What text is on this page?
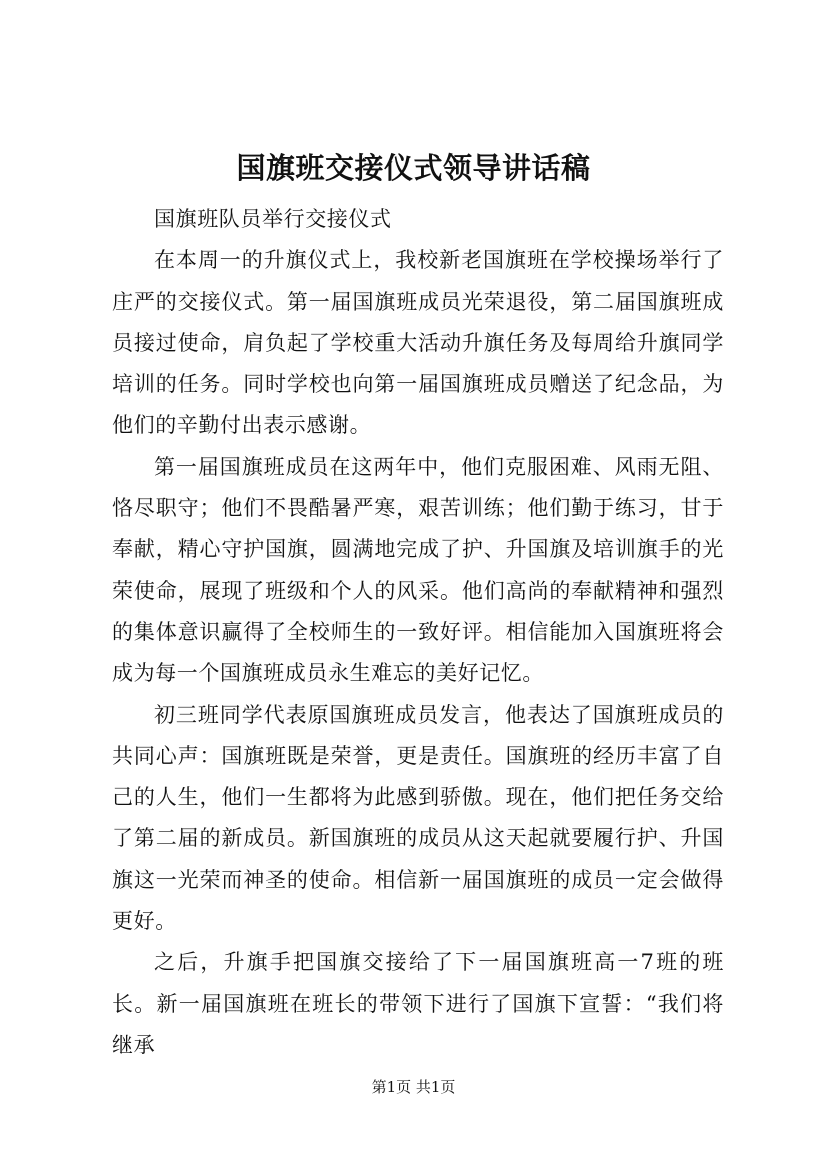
国旗班交接仪式领导讲话稿

国旗班队员举行交接仪式

在本周一的升旗仪式上，我校新老国旗班在学校操场举行了庄严的交接仪式。第一届国旗班成员光荣退役，第二届国旗班成员接过使命，肩负起了学校重大活动升旗任务及每周给升旗同学培训的任务。同时学校也向第一届国旗班成员赠送了纪念品，为他们的辛勤付出表示感谢。

第一届国旗班成员在这两年中，他们克服困难、风雨无阻、恪尽职守；他们不畏酷暑严寒，艰苦训练；他们勤于练习，甘于奉献，精心守护国旗，圆满地完成了护、升国旗及培训旗手的光荣使命，展现了班级和个人的风采。他们高尚的奉献精神和强烈的集体意识赢得了全校师生的一致好评。相信能加入国旗班将会成为每一个国旗班成员永生难忘的美好记忆。

初三班同学代表原国旗班成员发言，他表达了国旗班成员的共同心声：国旗班既是荣誉，更是责任。国旗班的经历丰富了自己的人生，他们一生都将为此感到骄傲。现在，他们把任务交给了第二届的新成员。新国旗班的成员从这天起就要履行护、升国旗这一光荣而神圣的使命。相信新一届国旗班的成员一定会做得更好。

之后，升旗手把国旗交接给了下一届国旗班高一7班的班长。新一届国旗班在班长的带领下进行了国旗下宣誓：“我们将继承

第1页 共1页
